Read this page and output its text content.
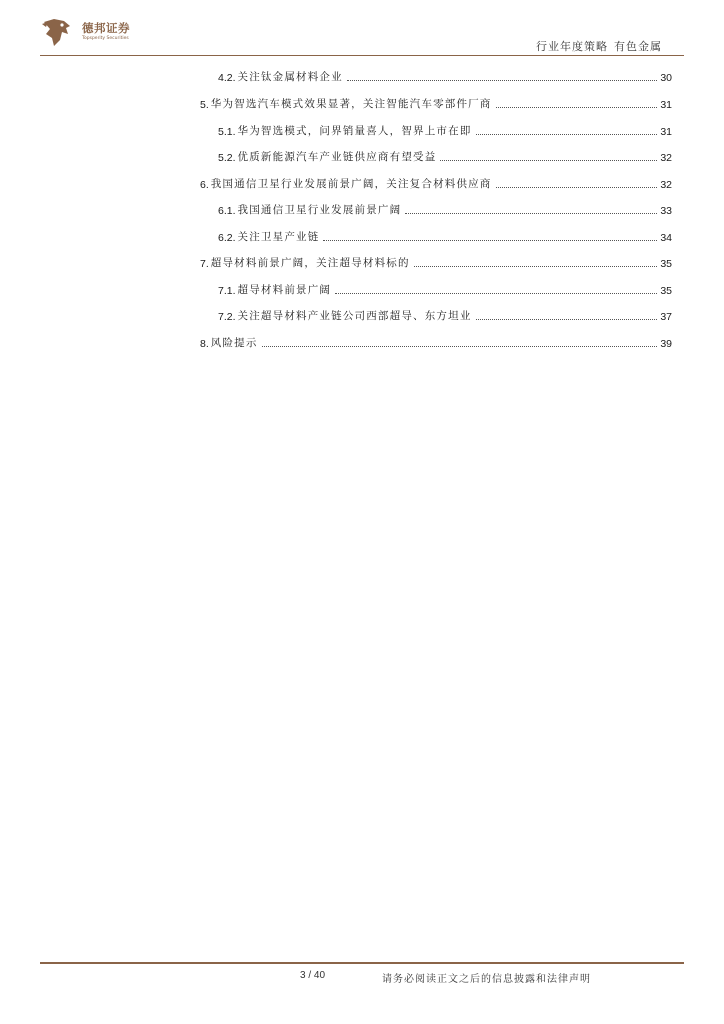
德邦证券
Topsperity Securities
行业年度策略 有色金属
4.2. 关注钛金属材料企业	30
5. 华为智选汽车模式效果显著，关注智能汽车零部件厂商	31
5.1. 华为智选模式，问界销量喜人，智界上市在即	31
5.2. 优质新能源汽车产业链供应商有望受益	32
6. 我国通信卫星行业发展前景广阔，关注复合材料供应商	32
6.1. 我国通信卫星行业发展前景广阔	33
6.2. 关注卫星产业链	34
7. 超导材料前景广阔，关注超导材料标的	35
7.1. 超导材料前景广阔	35
7.2. 关注超导材料产业链公司西部超导、东方坦业	37
8. 风险提示	39
3 / 40	请务必阅读正文之后的信息披露和法律声明
